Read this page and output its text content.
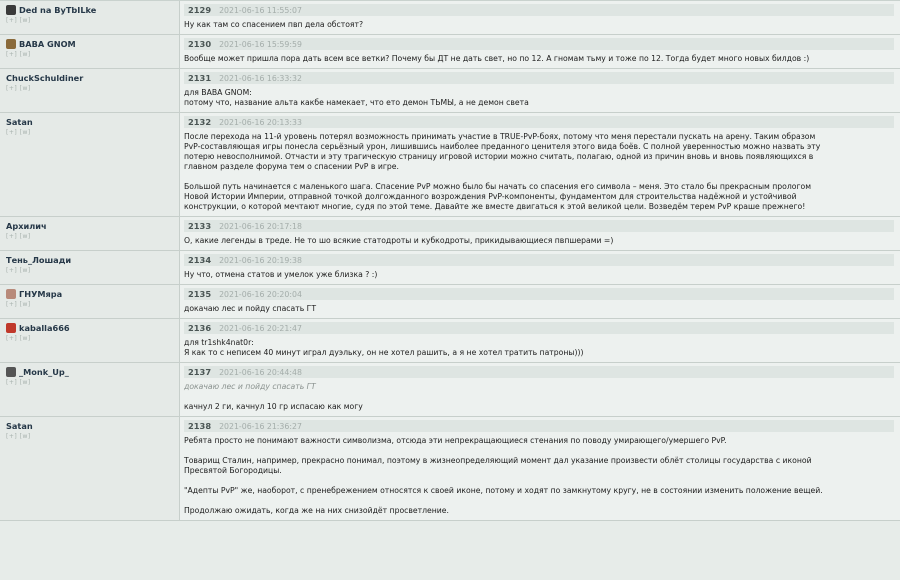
Ded na BуTbILke
[+] [w]
2129 2021-06-16 11:55:07

Ну как там со спасением пвп дела обстоят?

BABA GNOM
[+] [w]
2130 2021-06-16 15:59:59

Вообще может пришла пора дать всем все ветки? Почему бы ДТ не дать свет, но по 12. А гномам тьму и тоже по 12. Тогда будет много новых билдов :)

ChuckSchuldiner
[+] [w]
2131 2021-06-16 16:33:32

для BABA GNOM:

потому что, название альта какбе намекает, что ето демон ТЬМЫ, а не демон света

Satan
[+] [w]
2132 2021-06-16 20:13:33

После перехода на 11-й уровень потерял возможность принимать участие в TRUE-PvP-боях, потому что меня перестали пускать на арену. Таким образом

PvP-составляющая игры понесла серьёзный урон, лишившись наиболее преданного ценителя этого вида боёв. С полной уверенностью можно назвать эту

потерю невосполнимой. Отчасти и эту трагическую страницу игровой истории можно считать, полагаю, одной из причин вновь и вновь появляющихся в

главном разделе форума тем о спасении PvP в игре.

Большой путь начинается с маленького шага. Спасение PvP можно было бы начать со спасения его символа – меня. Это стало бы прекрасным прологом

Новой Истории Империи, отправной точкой долгожданного возрождения PvP-компоненты, фундаментом для строительства надёжной и устойчивой

конструкции, о которой мечтают многие, судя по этой теме. Давайте же вместе двигаться к этой великой цели. Возведём терем PvP краше прежнего!

Архилич
[+] [w]
2133 2021-06-16 20:17:18

О, какие легенды в треде. Не то шо всякие статодроты и кубкодроты, прикидывающиеся пвпшерами =)

Тень_Лошади
[+] [w]
2134 2021-06-16 20:19:38

Ну что, отмена статов и умелок уже близка ? :)

ГНУМяра
[+] [w]
2135 2021-06-16 20:20:04

докачаю лес и пойду спасать ГТ

kaballa666
[+] [w]
2136 2021-06-16 20:21:47

для tr1shk4nat0r:

Я как то с неписем 40 минут играл дуэльку, он не хотел рашить, а я не хотел тратить патроны)))

_Monk_Up_
[+] [w]
2137 2021-06-16 20:44:48

докачаю лес и пойду спасать ГТ

качнул 2 ги, качнул 10 гр испасаю как могу

Satan
[+] [w]
2138 2021-06-16 21:36:27

Ребята просто не понимают важности символизма, отсюда эти непрекращающиеся стенания по поводу умирающего/умершего PvP.

Товарищ Сталин, например, прекрасно понимал, поэтому в жизнеопределяющий момент дал указание произвести облёт столицы государства с иконой

Пресвятой Богородицы.

"Адепты PvP" же, наоборот, с пренебрежением относятся к своей иконе, потому и ходят по замкнутому кругу, не в состоянии изменить положение вещей.

Продолжаю ожидать, когда же на них снизойдёт просветление.
